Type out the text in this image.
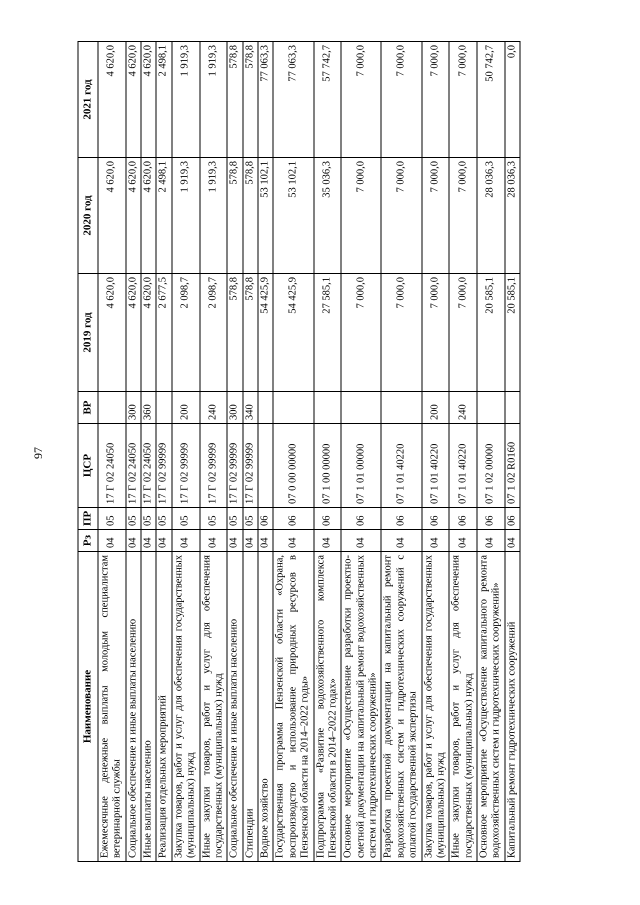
97
Наименование	Рз	ПР	ЦСР	ВР	2019 год	2020 год	2021 год
Ежемесячные денежные выплаты молодым специалистам ветеринарной службы	04	05	17 Г 02 24050		4 620,0	4 620,0	4 620,0
Социальное обеспечение и иные выплаты населению	04	05	17 Г 02 24050	300	4 620,0	4 620,0	4 620,0
Иные выплаты населению	04	05	17 Г 02 24050	360	4 620,0	4 620,0	4 620,0
Реализация отдельных мероприятий	04	05	17 Г 02 99999		2 677,5	2 498,1	2 498,1
Закупка товаров, работ и услуг для обеспечения государственных (муниципальных) нужд	04	05	17 Г 02 99999	200	2 098,7	1 919,3	1 919,3
Иные закупки товаров, работ и услуг для обеспечения государственных (муниципальных) нужд	04	05	17 Г 02 99999	240	2 098,7	1 919,3	1 919,3
Социальное обеспечение и иные выплаты населению	04	05	17 Г 02 99999	300	578,8	578,8	578,8
Стипендии	04	05	17 Г 02 99999	340	578,8	578,8	578,8
Водное хозяйство	04	06			54 425,9	53 102,1	77 063,3
Государственная программа Пензенской области «Охрана, воспроизводство и использование природных ресурсов в Пензенской области на 2014–2022 годы»	04	06	07 0 00 00000		54 425,9	53 102,1	77 063,3
Подпрограмма «Развитие водохозяйственного комплекса Пензенской области в 2014–2022 годах»	04	06	07 1 00 00000		27 585,1	35 036,3	57 742,7
Основное мероприятие «Осуществление разработки проектно-сметной документации на капитальный ремонт водохозяйственных систем и гидротехнических сооружений»	04	06	07 1 01 00000		7 000,0	7 000,0	7 000,0
Разработка проектной документации на капитальный ремонт водохозяйственных систем и гидротехнических сооружений с оплатой государственной экспертизы	04	06	07 1 01 40220		7 000,0	7 000,0	7 000,0
Закупка товаров, работ и услуг для обеспечения государственных (муниципальных) нужд	04	06	07 1 01 40220	200	7 000,0	7 000,0	7 000,0
Иные закупки товаров, работ и услуг для обеспечения государственных (муниципальных) нужд	04	06	07 1 01 40220	240	7 000,0	7 000,0	7 000,0
Основное мероприятие «Осуществление капитального ремонта водохозяйственных систем и гидротехнических сооружений»	04	06	07 1 02 00000		20 585,1	28 036,3	50 742,7
Капитальный ремонт гидротехнических сооружений	04	06	07 1 02 R0160		20 585,1	28 036,3	0,0
